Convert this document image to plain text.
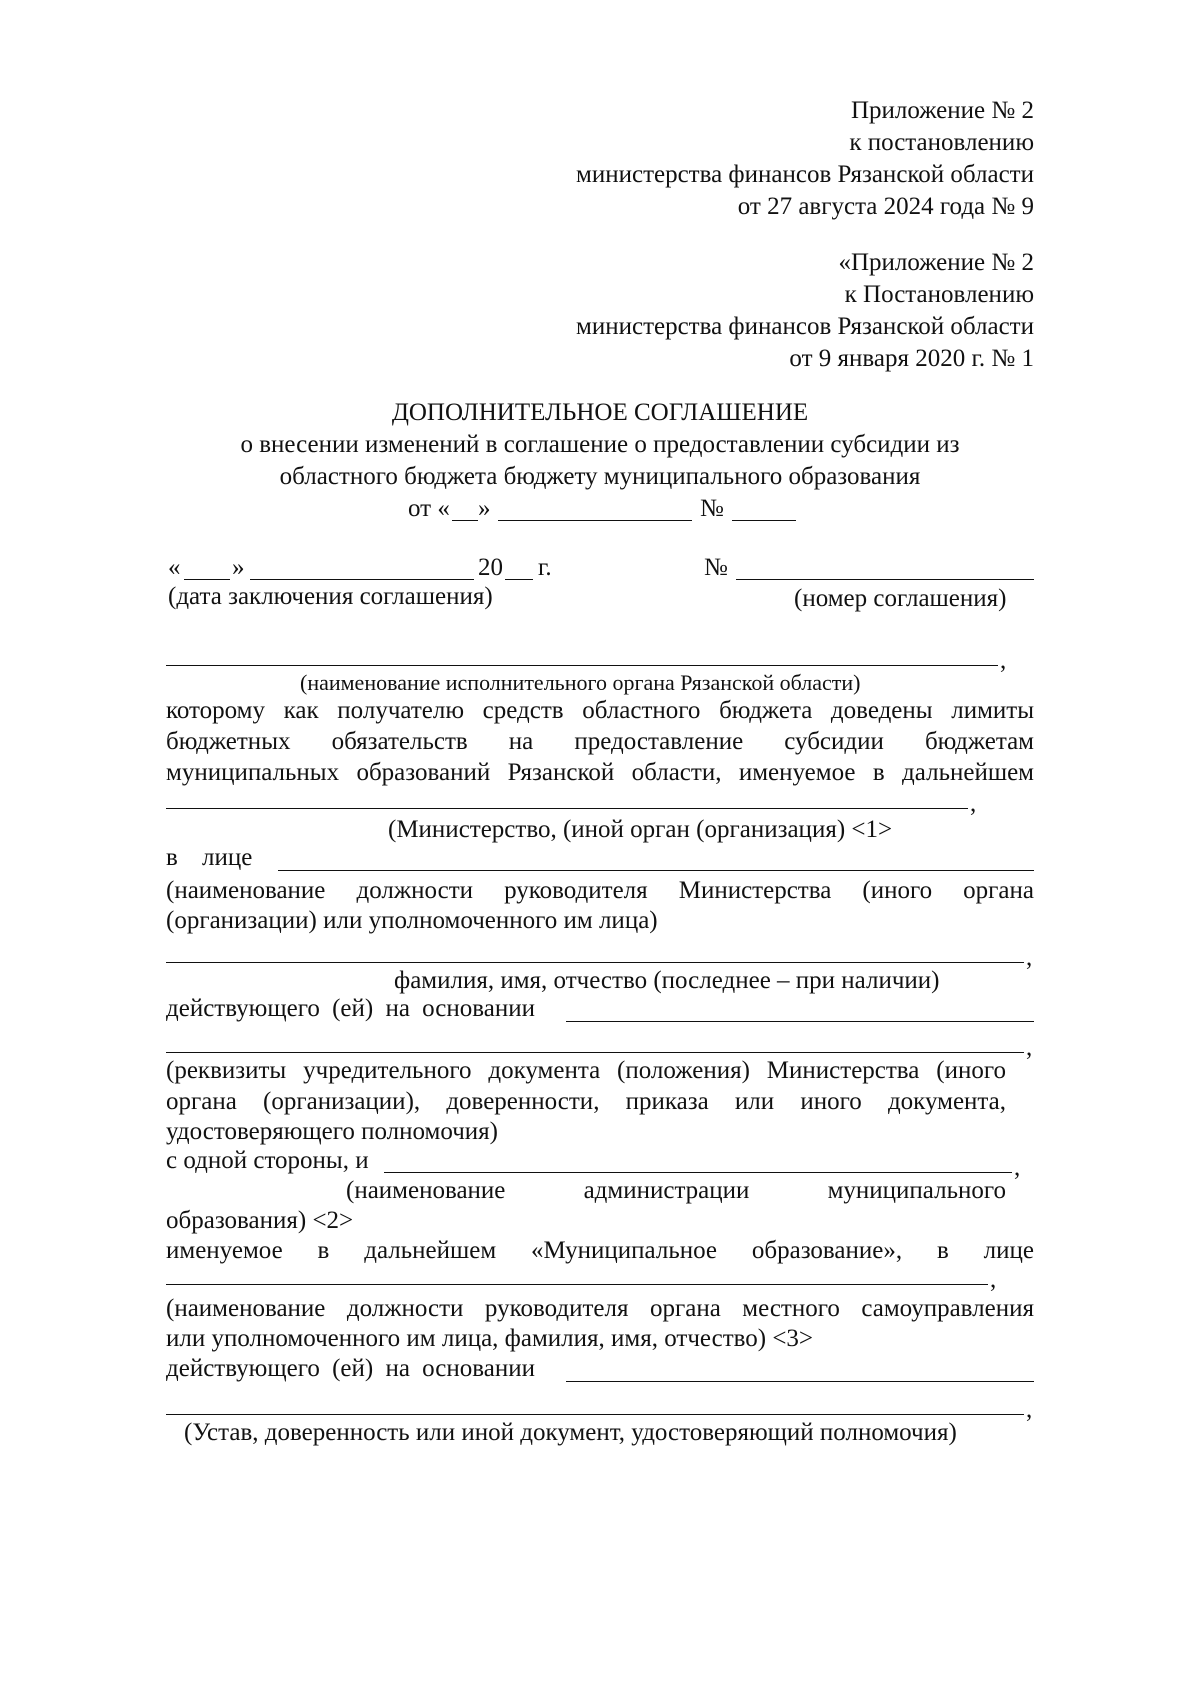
Приложение № 2
к постановлению
министерства финансов Рязанской области
от 27 августа 2024 года № 9
«Приложение № 2
к Постановлению
министерства финансов Рязанской области
от 9 января 2020 г. № 1
ДОПОЛНИТЕЛЬНОЕ СОГЛАШЕНИЕ
о внесении изменений в соглашение о предоставлении субсидии из
областного бюджета бюджету муниципального образования
от « »	№
« »	20 г.	№
(дата заключения соглашения)	(номер соглашения)
,
(наименование исполнительного органа Рязанской области)
которому как получателю средств областного бюджета доведены лимиты
бюджетных обязательств на предоставление субсидии бюджетам
муниципальных образований Рязанской области, именуемое в дальнейшем
,
(Министерство, (иной орган (организация) <1>
в лице
(наименование должности руководителя Министерства (иного органа
(организации) или уполномоченного им лица)
,
фамилия, имя, отчество (последнее – при наличии)
действующего (ей) на основании
,
(реквизиты учредительного документа (положения) Министерства (иного
органа (организации), доверенности, приказа или иного документа,
удостоверяющего полномочия)
с одной стороны, и	,
(наименование администрации муниципального
образования) <2>
именуемое в дальнейшем «Муниципальное образование», в лице
,
(наименование должности руководителя органа местного самоуправления
или уполномоченного им лица, фамилия, имя, отчество) <3>
действующего (ей) на основании
,
(Устав, доверенность или иной документ, удостоверяющий полномочия)
